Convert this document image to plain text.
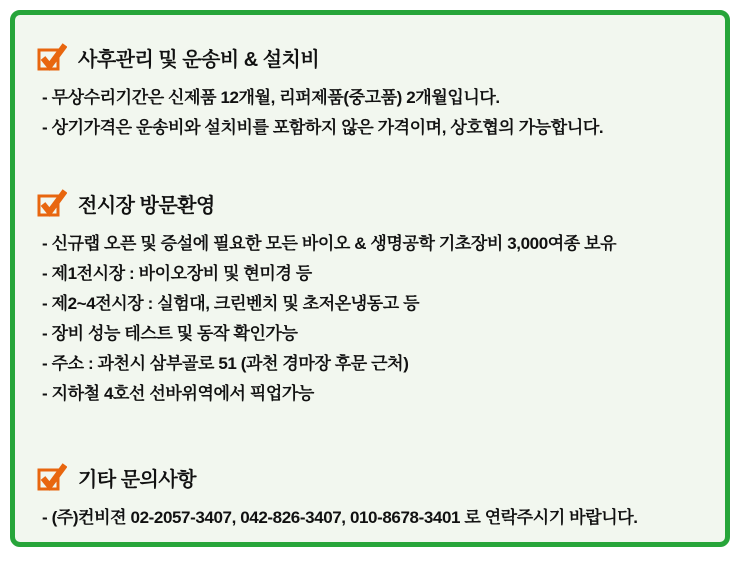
사후관리 및 운송비 & 설치비
- 무상수리기간은 신제품 12개월, 리퍼제품(중고품) 2개월입니다.
- 상기가격은 운송비와 설치비를 포함하지 않은 가격이며, 상호협의 가능합니다.
전시장 방문환영
- 신규랩 오픈 및 증설에 필요한 모든 바이오 & 생명공학 기초장비 3,000여종 보유
- 제1전시장 : 바이오장비 및 현미경 등
- 제2~4전시장 : 실험대, 크린벤치 및 초저온냉동고 등
- 장비 성능 테스트 및 동작 확인가능
- 주소 : 과천시 삼부골로 51 (과천 경마장 후문 근처)
- 지하철 4호선 선바위역에서 픽업가능
기타 문의사항
- (주)컨비젼 02-2057-3407, 042-826-3407, 010-8678-3401 로 연락주시기 바랍니다.
